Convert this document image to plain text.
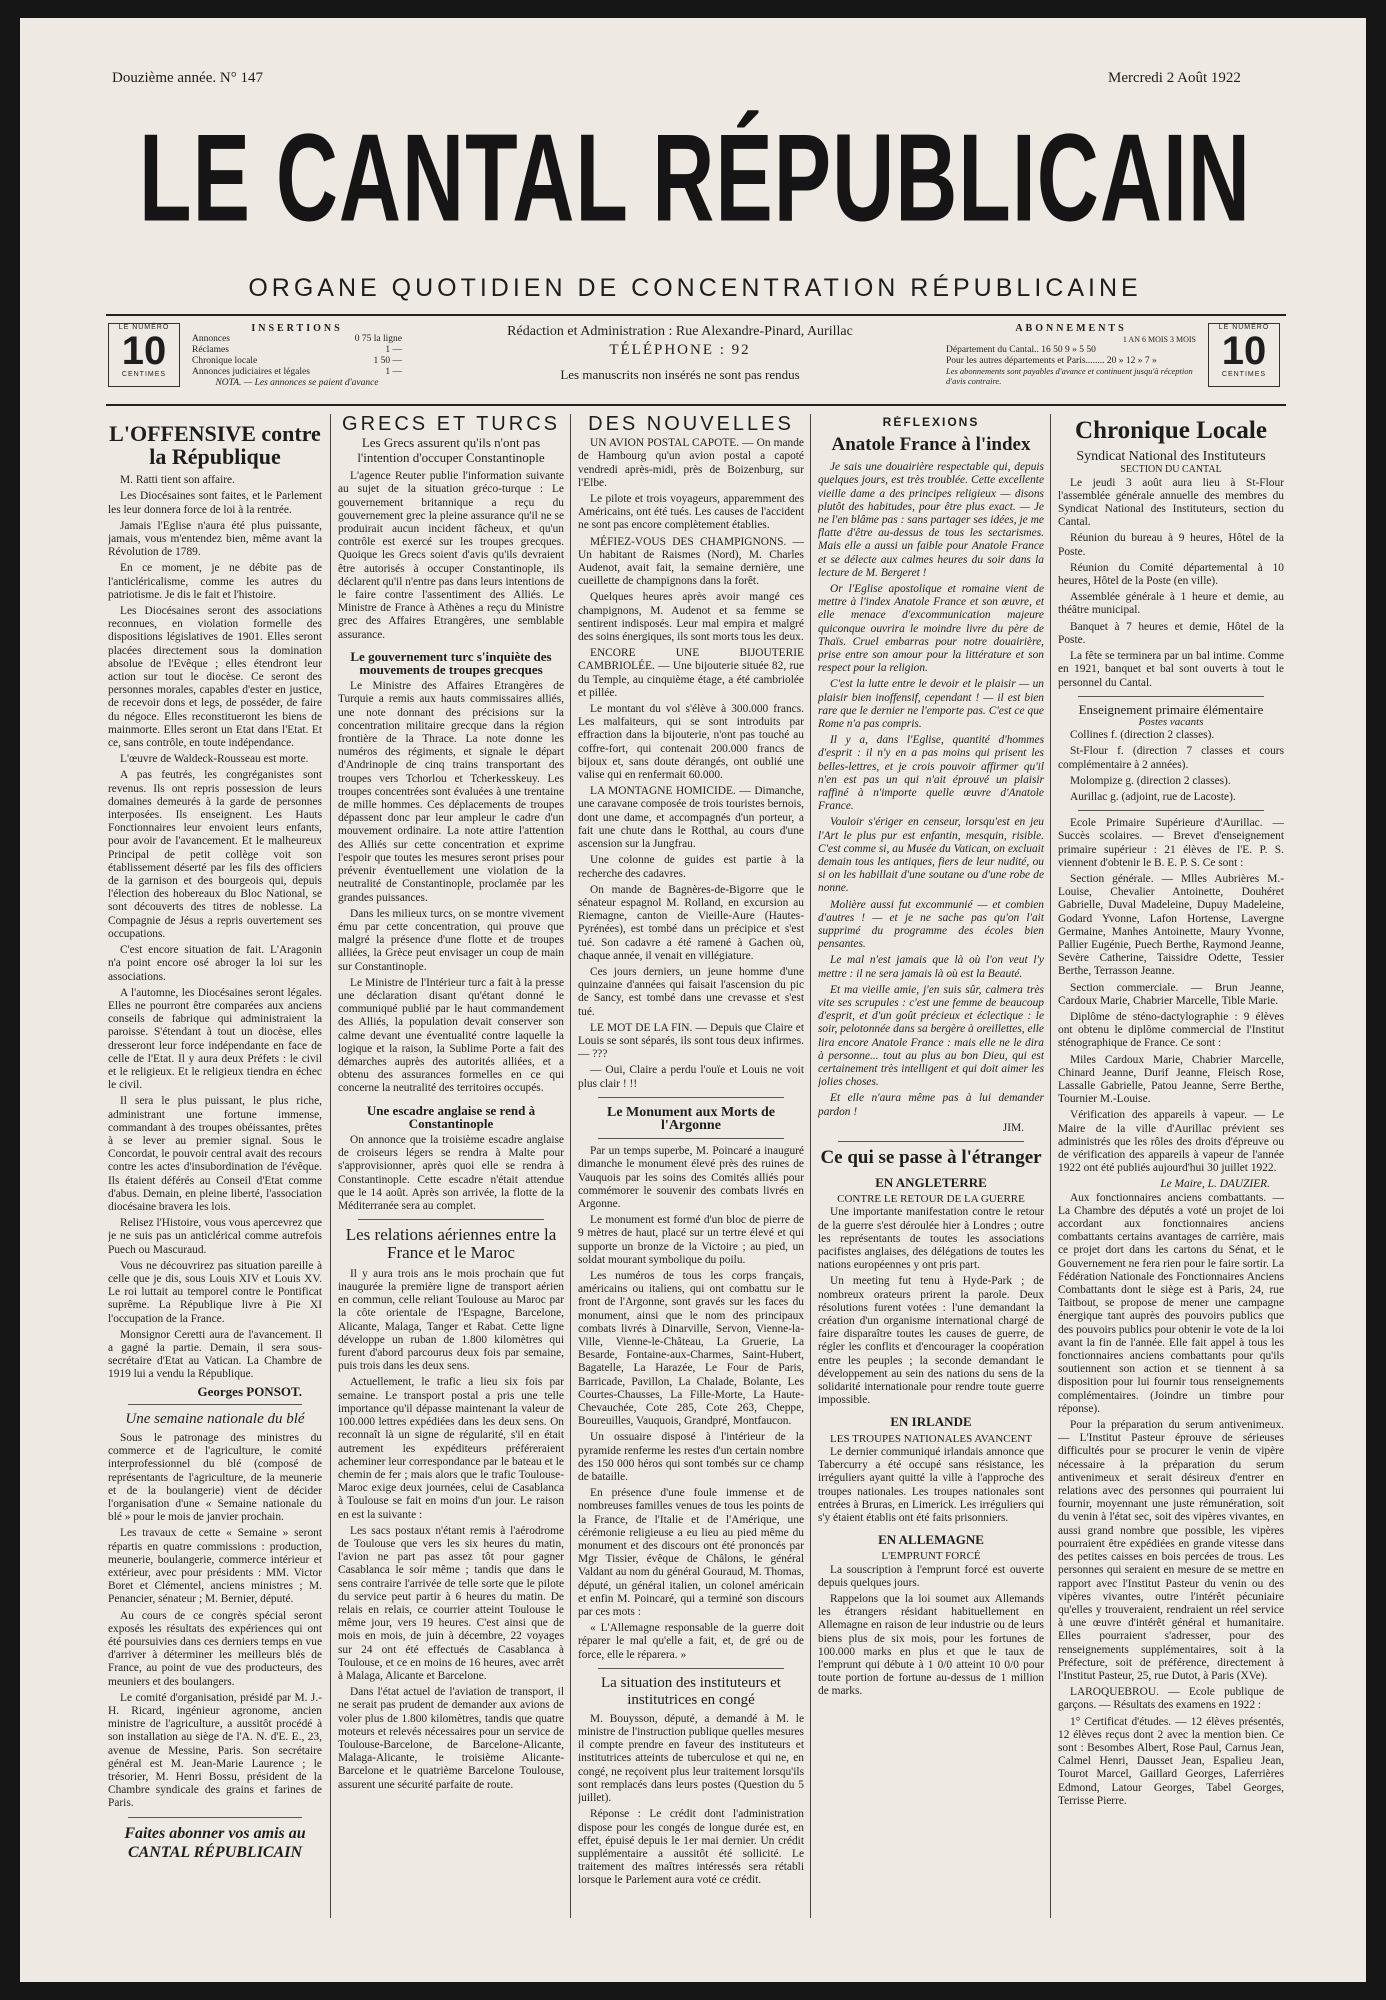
Douzième année. N° 147	Mercredi 2 Août 1922
LE CANTAL RÉPUBLICAIN
ORGANE QUOTIDIEN DE CONCENTRATION RÉPUBLICAINE
LE NUMÉRO
10
CENTIMES
INSERTIONS
Annonces	0 75 la ligne
Réclames	1 —
Chronique locale	1 50 —
Annonces judiciaires et légales	1 —
NOTA. — Les annonces se paient d'avance
Rédaction et Administration : Rue Alexandre-Pinard, Aurillac
TÉLÉPHONE : 92
Les manuscrits non insérés ne sont pas rendus
ABONNEMENTS
1 AN 6 MOIS 3 MOIS
Département du Cantal.. 16 50 9 » 5 50
Pour les autres départements et Paris........ 20 » 12 » 7 »
Les abonnements sont payables d'avance et continuent jusqu'à réception d'avis contraire.
LE NUMÉRO
10
CENTIMES
L'OFFENSIVE contre la République

M. Ratti tient son affaire.

Les Diocésaines sont faites, et le Parlement les leur donnera force de loi à la rentrée.

Jamais l'Eglise n'aura été plus puissante, jamais, vous m'entendez bien, même avant la Révolution de 1789.

En ce moment, je ne débite pas de l'anticléricalisme, comme les autres du patriotisme. Je dis le fait et l'histoire.

Les Diocésaines seront des associations reconnues, en violation formelle des dispositions législatives de 1901. Elles seront placées directement sous la domination absolue de l'Evêque ; elles étendront leur action sur tout le diocèse. Ce seront des personnes morales, capables d'ester en justice, de recevoir dons et legs, de posséder, de faire du négoce. Elles reconstitueront les biens de mainmorte. Elles seront un Etat dans l'Etat. Et ce, sans contrôle, en toute indépendance.

L'œuvre de Waldeck-Rousseau est morte.

A pas feutrés, les congréganistes sont revenus. Ils ont repris possession de leurs domaines demeurés à la garde de personnes interposées. Ils enseignent. Les Hauts Fonctionnaires leur envoient leurs enfants, pour avoir de l'avancement. Et le malheureux Principal de petit collège voit son établissement déserté par les fils des officiers de la garnison et des bourgeois qui, depuis l'élection des hobereaux du Bloc National, se sont découverts des titres de noblesse. La Compagnie de Jésus a repris ouvertement ses occupations.

C'est encore situation de fait. L'Aragonin n'a point encore osé abroger la loi sur les associations.

A l'automne, les Diocésaines seront légales. Elles ne pourront être comparées aux anciens conseils de fabrique qui administraient la paroisse. S'étendant à tout un diocèse, elles dresseront leur force indépendante en face de celle de l'Etat. Il y aura deux Préfets : le civil et le religieux. Et le religieux tiendra en échec le civil.

Il sera le plus puissant, le plus riche, administrant une fortune immense, commandant à des troupes obéissantes, prêtes à se lever au premier signal. Sous le Concordat, le pouvoir central avait des recours contre les actes d'insubordination de l'évêque. Ils étaient déférés au Conseil d'Etat comme d'abus. Demain, en pleine liberté, l'association diocésaine bravera les lois.

Relisez l'Histoire, vous vous apercevrez que je ne suis pas un anticlérical comme autrefois Puech ou Mascuraud.

Vous ne découvrirez pas situation pareille à celle que je dis, sous Louis XIV et Louis XV. Le roi luttait au temporel contre le Pontificat suprême. La République livre à Pie XI l'occupation de la France.

Monsignor Ceretti aura de l'avancement. Il a gagné la partie. Demain, il sera sous-secrétaire d'Etat au Vatican. La Chambre de 1919 lui a vendu la République.

Georges PONSOT.
Une semaine nationale du blé

Sous le patronage des ministres du commerce et de l'agriculture, le comité interprofessionnel du blé (composé de représentants de l'agriculture, de la meunerie et de la boulangerie) vient de décider l'organisation d'une « Semaine nationale du blé » pour le mois de janvier prochain.

Les travaux de cette « Semaine » seront répartis en quatre commissions : production, meunerie, boulangerie, commerce intérieur et extérieur, avec pour présidents : MM. Victor Boret et Clémentel, anciens ministres ; M. Penancier, sénateur ; M. Bernier, député.

Au cours de ce congrès spécial seront exposés les résultats des expériences qui ont été poursuivies dans ces derniers temps en vue d'arriver à déterminer les meilleurs blés de France, au point de vue des producteurs, des meuniers et des boulangers.

Le comité d'organisation, présidé par M. J.-H. Ricard, ingénieur agronome, ancien ministre de l'agriculture, a aussitôt procédé à son installation au siège de l'A. N. d'E. E., 23, avenue de Messine, Paris. Son secrétaire général est M. Jean-Marie Laurence ; le trésorier, M. Henri Bossu, président de la Chambre syndicale des grains et farines de Paris.

Faites abonner vos amis au CANTAL RÉPUBLICAIN
GRECS ET TURCS
Les Grecs assurent qu'ils n'ont pas l'intention d'occuper Constantinople

L'agence Reuter publie l'information suivante au sujet de la situation gréco-turque : Le gouvernement britannique a reçu du gouvernement grec la pleine assurance qu'il ne se produirait aucun incident fâcheux, et qu'un contrôle est exercé sur les troupes grecques. Quoique les Grecs soient d'avis qu'ils devraient être autorisés à occuper Constantinople, ils déclarent qu'il n'entre pas dans leurs intentions de le faire contre l'assentiment des Alliés. Le Ministre de France à Athènes a reçu du Ministre grec des Affaires Etrangères, une semblable assurance.

Le gouvernement turc s'inquiète des mouvements de troupes grecques

Le Ministre des Affaires Etrangères de Turquie a remis aux hauts commissaires alliés, une note donnant des précisions sur la concentration militaire grecque dans la région frontière de la Thrace. La note donne les numéros des régiments, et signale le départ d'Andrinople de cinq trains transportant des troupes vers Tchorlou et Tcherkesskeuy. Les troupes concentrées sont évaluées à une trentaine de mille hommes. Ces déplacements de troupes dépassent donc par leur ampleur le cadre d'un mouvement ordinaire. La note attire l'attention des Alliés sur cette concentration et exprime l'espoir que toutes les mesures seront prises pour prévenir éventuellement une violation de la neutralité de Constantinople, proclamée par les grandes puissances.

Dans les milieux turcs, on se montre vivement ému par cette concentration, qui prouve que malgré la présence d'une flotte et de troupes alliées, la Grèce peut envisager un coup de main sur Constantinople.

Le Ministre de l'Intérieur turc a fait à la presse une déclaration disant qu'étant donné le communiqué publié par le haut commandement des Alliés, la population devait conserver son calme devant une éventualité contre laquelle la logique et la raison, la Sublime Porte a fait des démarches auprès des autorités alliées, et a obtenu des assurances formelles en ce qui concerne la neutralité des territoires occupés.

Une escadre anglaise se rend à Constantinople

On annonce que la troisième escadre anglaise de croiseurs légers se rendra à Malte pour s'approvisionner, après quoi elle se rendra à Constantinople. Cette escadre n'était attendue que le 14 août. Après son arrivée, la flotte de la Méditerranée sera au complet.

Les relations aériennes entre la France et le Maroc

Il y aura trois ans le mois prochain que fut inaugurée la première ligne de transport aérien en commun, celle reliant Toulouse au Maroc par la côte orientale de l'Espagne, Barcelone, Alicante, Malaga, Tanger et Rabat. Cette ligne développe un ruban de 1.800 kilomètres qui furent d'abord parcourus deux fois par semaine, puis trois dans les deux sens.

Actuellement, le trafic a lieu six fois par semaine. Le transport postal a pris une telle importance qu'il dépasse maintenant la valeur de 100.000 lettres expédiées dans les deux sens. On reconnaît là un signe de régularité, s'il en était autrement les expéditeurs préféreraient acheminer leur correspondance par le bateau et le chemin de fer ; mais alors que le trafic Toulouse-Maroc exige deux journées, celui de Casablanca à Toulouse se fait en moins d'un jour. Le raison en est la suivante :

Les sacs postaux n'étant remis à l'aérodrome de Toulouse que vers les six heures du matin, l'avion ne part pas assez tôt pour gagner Casablanca le soir même ; tandis que dans le sens contraire l'arrivée de telle sorte que le pilote du service peut partir à 6 heures du matin. De relais en relais, ce courrier atteint Toulouse le même jour, vers 19 heures. C'est ainsi que de mois en mois, de juin à décembre, 22 voyages sur 24 ont été effectués de Casablanca à Toulouse, et ce en moins de 16 heures, avec arrêt à Malaga, Alicante et Barcelone.

Dans l'état actuel de l'aviation de transport, il ne serait pas prudent de demander aux avions de voler plus de 1.800 kilomètres, tandis que quatre moteurs et relevés nécessaires pour un service de Toulouse-Barcelone, de Barcelone-Alicante, Malaga-Alicante, le troisième Alicante-Barcelone et le quatrième Barcelone Toulouse, assurent une sécurité parfaite de route.

DES NOUVELLES

UN AVION POSTAL CAPOTE. — On mande de Hambourg qu'un avion postal a capoté vendredi après-midi, près de Boizenburg, sur l'Elbe.

Le pilote et trois voyageurs, apparemment des Américains, ont été tués. Les causes de l'accident ne sont pas encore complètement établies.

MÉFIEZ-VOUS DES CHAMPIGNONS. — Un habitant de Raismes (Nord), M. Charles Audenot, avait fait, la semaine dernière, une cueillette de champignons dans la forêt.

Quelques heures après avoir mangé ces champignons, M. Audenot et sa femme se sentirent indisposés. Leur mal empira et malgré des soins énergiques, ils sont morts tous les deux.

ENCORE UNE BIJOUTERIE CAMBRIOLÉE. — Une bijouterie située 82, rue du Temple, au cinquième étage, a été cambriolée et pillée.

Le montant du vol s'élève à 300.000 francs. Les malfaiteurs, qui se sont introduits par effraction dans la bijouterie, n'ont pas touché au coffre-fort, qui contenait 200.000 francs de bijoux et, sans doute dérangés, ont oublié une valise qui en renfermait 60.000.

LA MONTAGNE HOMICIDE. — Dimanche, une caravane composée de trois touristes bernois, dont une dame, et accompagnés d'un porteur, a fait une chute dans le Rotthal, au cours d'une ascension sur la Jungfrau.

Une colonne de guides est partie à la recherche des cadavres.

On mande de Bagnères-de-Bigorre que le sénateur espagnol M. Rolland, en excursion au Riemagne, canton de Vieille-Aure (Hautes-Pyrénées), est tombé dans un précipice et s'est tué. Son cadavre a été ramené à Gachen où, chaque année, il venait en villégiature.

Ces jours derniers, un jeune homme d'une quinzaine d'années qui faisait l'ascension du pic de Sancy, est tombé dans une crevasse et s'est tué.

LE MOT DE LA FIN. — Depuis que Claire et Louis se sont séparés, ils sont tous deux infirmes. — ???

— Oui, Claire a perdu l'ouïe et Louis ne voit plus clair ! !!

Le Monument aux Morts de l'Argonne

Par un temps superbe, M. Poincaré a inauguré dimanche le monument élevé près des ruines de Vauquois par les soins des Comités alliés pour commémorer le souvenir des combats livrés en Argonne.

Le monument est formé d'un bloc de pierre de 9 mètres de haut, placé sur un tertre élevé et qui supporte un bronze de la Victoire ; au pied, un soldat mourant symbolique du poilu.

Les numéros de tous les corps français, américains ou italiens, qui ont combattu sur le front de l'Argonne, sont gravés sur les faces du monument, ainsi que le nom des principaux combats livrés à Dinarville, Servon, Vienne-la-Ville, Vienne-le-Château, La Gruerie, La Besarde, Fontaine-aux-Charmes, Saint-Hubert, Bagatelle, La Harazée, Le Four de Paris, Barricade, Pavillon, La Chalade, Bolante, Les Courtes-Chausses, La Fille-Morte, La Haute-Chevauchée, Cote 285, Cote 263, Cheppe, Boureuilles, Vauquois, Grandpré, Montfaucon.

Un ossuaire disposé à l'intérieur de la pyramide renferme les restes d'un certain nombre des 150 000 héros qui sont tombés sur ce champ de bataille.

En présence d'une foule immense et de nombreuses familles venues de tous les points de la France, de l'Italie et de l'Amérique, une cérémonie religieuse a eu lieu au pied même du monument et des discours ont été prononcés par Mgr Tissier, évêque de Châlons, le général Valdant au nom du général Gouraud, M. Thomas, député, un général italien, un colonel américain et enfin M. Poincaré, qui a terminé son discours par ces mots :

« L'Allemagne responsable de la guerre doit réparer le mal qu'elle a fait, et, de gré ou de force, elle le réparera. »

La situation des instituteurs et institutrices en congé

M. Bouysson, député, a demandé à M. le ministre de l'instruction publique quelles mesures il compte prendre en faveur des instituteurs et institutrices atteints de tuberculose et qui ne, en congé, ne reçoivent plus leur traitement lorsqu'ils sont remplacés dans leurs postes (Question du 5 juillet).

Réponse : Le crédit dont l'administration dispose pour les congés de longue durée est, en effet, épuisé depuis le 1er mai dernier. Un crédit supplémentaire a aussitôt été sollicité. Le traitement des maîtres intéressés sera rétabli lorsque le Parlement aura voté ce crédit.

RÉFLEXIONS
Anatole France à l'index

Je sais une douairière respectable qui, depuis quelques jours, est très troublée. Cette excellente vieille dame a des principes religieux — disons plutôt des habitudes, pour être plus exact. — Je ne l'en blâme pas : sans partager ses idées, je me flatte d'être au-dessus de tous les sectarismes. Mais elle a aussi un faible pour Anatole France et se délecte aux calmes heures du soir dans la lecture de M. Bergeret !

Or l'Eglise apostolique et romaine vient de mettre à l'index Anatole France et son œuvre, et elle menace d'excommunication majeure quiconque ouvrira le moindre livre du père de Thaïs. Cruel embarras pour notre douairière, prise entre son amour pour la littérature et son respect pour la religion.

C'est la lutte entre le devoir et le plaisir — un plaisir bien inoffensif, cependant ! — il est bien rare que le dernier ne l'emporte pas. C'est ce que Rome n'a pas compris.

Il y a, dans l'Eglise, quantité d'hommes d'esprit : il n'y en a pas moins qui prisent les belles-lettres, et je crois pouvoir affirmer qu'il n'en est pas un qui n'ait éprouvé un plaisir raffiné à n'importe quelle œuvre d'Anatole France.

Vouloir s'ériger en censeur, lorsqu'est en jeu l'Art le plus pur est enfantin, mesquin, risible. C'est comme si, au Musée du Vatican, on excluait demain tous les antiques, fiers de leur nudité, ou si on les habillait d'une soutane ou d'une robe de nonne.

Molière aussi fut excommunié — et combien d'autres ! — et je ne sache pas qu'on l'ait supprimé du programme des écoles bien pensantes.

Le mal n'est jamais que là où l'on veut l'y mettre : il ne sera jamais là où est la Beauté.

Et ma vieille amie, j'en suis sûr, calmera très vite ses scrupules : c'est une femme de beaucoup d'esprit, et d'un goût précieux et éclectique : le soir, pelotonnée dans sa bergère à oreillettes, elle lira encore Anatole France : mais elle ne le dira à personne... tout au plus au bon Dieu, qui est certainement très intelligent et qui doit aimer les jolies choses.

Et elle n'aura même pas à lui demander pardon !

JIM.
Ce qui se passe à l'étranger
EN ANGLETERRE
CONTRE LE RETOUR DE LA GUERRE

Une importante manifestation contre le retour de la guerre s'est déroulée hier à Londres ; outre les représentants de toutes les associations pacifistes anglaises, des délégations de toutes les nations européennes y ont pris part.

Un meeting fut tenu à Hyde-Park ; de nombreux orateurs prirent la parole. Deux résolutions furent votées : l'une demandant la création d'un organisme international chargé de faire disparaître toutes les causes de guerre, de régler les conflits et d'encourager la coopération entre les peuples ; la seconde demandant le développement au sein des nations du sens de la solidarité internationale pour rendre toute guerre impossible.

EN IRLANDE
LES TROUPES NATIONALES AVANCENT

Le dernier communiqué irlandais annonce que Tabercurry a été occupé sans résistance, les irréguliers ayant quitté la ville à l'approche des troupes nationales. Les troupes nationales sont entrées à Bruras, en Limerick. Les irréguliers qui s'y étaient établis ont été faits prisonniers.

EN ALLEMAGNE
L'EMPRUNT FORCÉ

La souscription à l'emprunt forcé est ouverte depuis quelques jours.

Rappelons que la loi soumet aux Allemands les étrangers résidant habituellement en Allemagne en raison de leur industrie ou de leurs biens plus de six mois, pour les fortunes de 100.000 marks en plus et que le taux de l'emprunt qui débute à 1 0/0 atteint 10 0/0 pour toute portion de fortune au-dessus de 1 million de marks.

Chronique Locale
Syndicat National des Instituteurs
SECTION DU CANTAL

Le jeudi 3 août aura lieu à St-Flour l'assemblée générale annuelle des membres du Syndicat National des Instituteurs, section du Cantal.

Réunion du bureau à 9 heures, Hôtel de la Poste.

Réunion du Comité départemental à 10 heures, Hôtel de la Poste (en ville).

Assemblée générale à 1 heure et demie, au théâtre municipal.

Banquet à 7 heures et demie, Hôtel de la Poste.

La fête se terminera par un bal intime. Comme en 1921, banquet et bal sont ouverts à tout le personnel du Cantal.

Enseignement primaire élémentaire
Postes vacants

Collines f. (direction 2 classes).

St-Flour f. (direction 7 classes et cours complémentaire à 2 années).

Molompize g. (direction 2 classes).

Aurillac g. (adjoint, rue de Lacoste).

Ecole Primaire Supérieure d'Aurillac. — Succès scolaires. — Brevet d'enseignement primaire supérieur : 21 élèves de l'E. P. S. viennent d'obtenir le B. E. P. S. Ce sont :

Section générale. — Mlles Aubrières M.-Louise, Chevalier Antoinette, Douhéret Gabrielle, Duval Madeleine, Dupuy Madeleine, Godard Yvonne, Lafon Hortense, Lavergne Germaine, Manhes Antoinette, Maury Yvonne, Pallier Eugénie, Puech Berthe, Raymond Jeanne, Sevère Catherine, Taissidre Odette, Tessier Berthe, Terrasson Jeanne.

Section commerciale. — Brun Jeanne, Cardoux Marie, Chabrier Marcelle, Tible Marie.

Diplôme de sténo-dactylographie : 9 élèves ont obtenu le diplôme commercial de l'Institut sténographique de France. Ce sont :

Miles Cardoux Marie, Chabrier Marcelle, Chinard Jeanne, Durif Jeanne, Fleisch Rose, Lassalle Gabrielle, Patou Jeanne, Serre Berthe, Tournier M.-Louise.

Vérification des appareils à vapeur. — Le Maire de la ville d'Aurillac prévient ses administrés que les rôles des droits d'épreuve ou de vérification des appareils à vapeur de l'année 1922 ont été publiés aujourd'hui 30 juillet 1922.

Le Maire, L. DAUZIER.

Aux fonctionnaires anciens combattants. — La Chambre des députés a voté un projet de loi accordant aux fonctionnaires anciens combattants certains avantages de carrière, mais ce projet dort dans les cartons du Sénat, et le Gouvernement ne fera rien pour le faire sortir. La Fédération Nationale des Fonctionnaires Anciens Combattants dont le siège est à Paris, 24, rue Taitbout, se propose de mener une campagne énergique tant auprès des pouvoirs publics que des pouvoirs publics pour obtenir le vote de la loi avant la fin de l'année. Elle fait appel à tous les fonctionnaires anciens combattants pour qu'ils soutiennent son action et se tiennent à sa disposition pour lui fournir tous renseignements complémentaires. (Joindre un timbre pour réponse).

Pour la préparation du serum antivenimeux. — L'Institut Pasteur éprouve de sérieuses difficultés pour se procurer le venin de vipère nécessaire à la préparation du serum antivenimeux et serait désireux d'entrer en relations avec des personnes qui pourraient lui fournir, moyennant une juste rémunération, soit du venin à l'état sec, soit des vipères vivantes, en aussi grand nombre que possible, les vipères pourraient être expédiées en grande vitesse dans des petites caisses en bois percées de trous. Les personnes qui seraient en mesure de se mettre en rapport avec l'Institut Pasteur du venin ou des vipères vivantes, outre l'intérêt pécuniaire qu'elles y trouveraient, rendraient un réel service à une œuvre d'intérêt général et humanitaire. Elles pourraient s'adresser, pour des renseignements supplémentaires, soit à la Préfecture, soit de préférence, directement à l'Institut Pasteur, 25, rue Dutot, à Paris (XVe).

LAROQUEBROU. — Ecole publique de garçons. — Résultats des examens en 1922 :

1° Certificat d'études. — 12 élèves présentés, 12 élèves reçus dont 2 avec la mention bien. Ce sont : Besombes Albert, Rose Paul, Carnus Jean, Calmel Henri, Dausset Jean, Espalieu Jean, Tourot Marcel, Gaillard Georges, Laferrières Edmond, Latour Georges, Tabel Georges, Terrisse Pierre.
